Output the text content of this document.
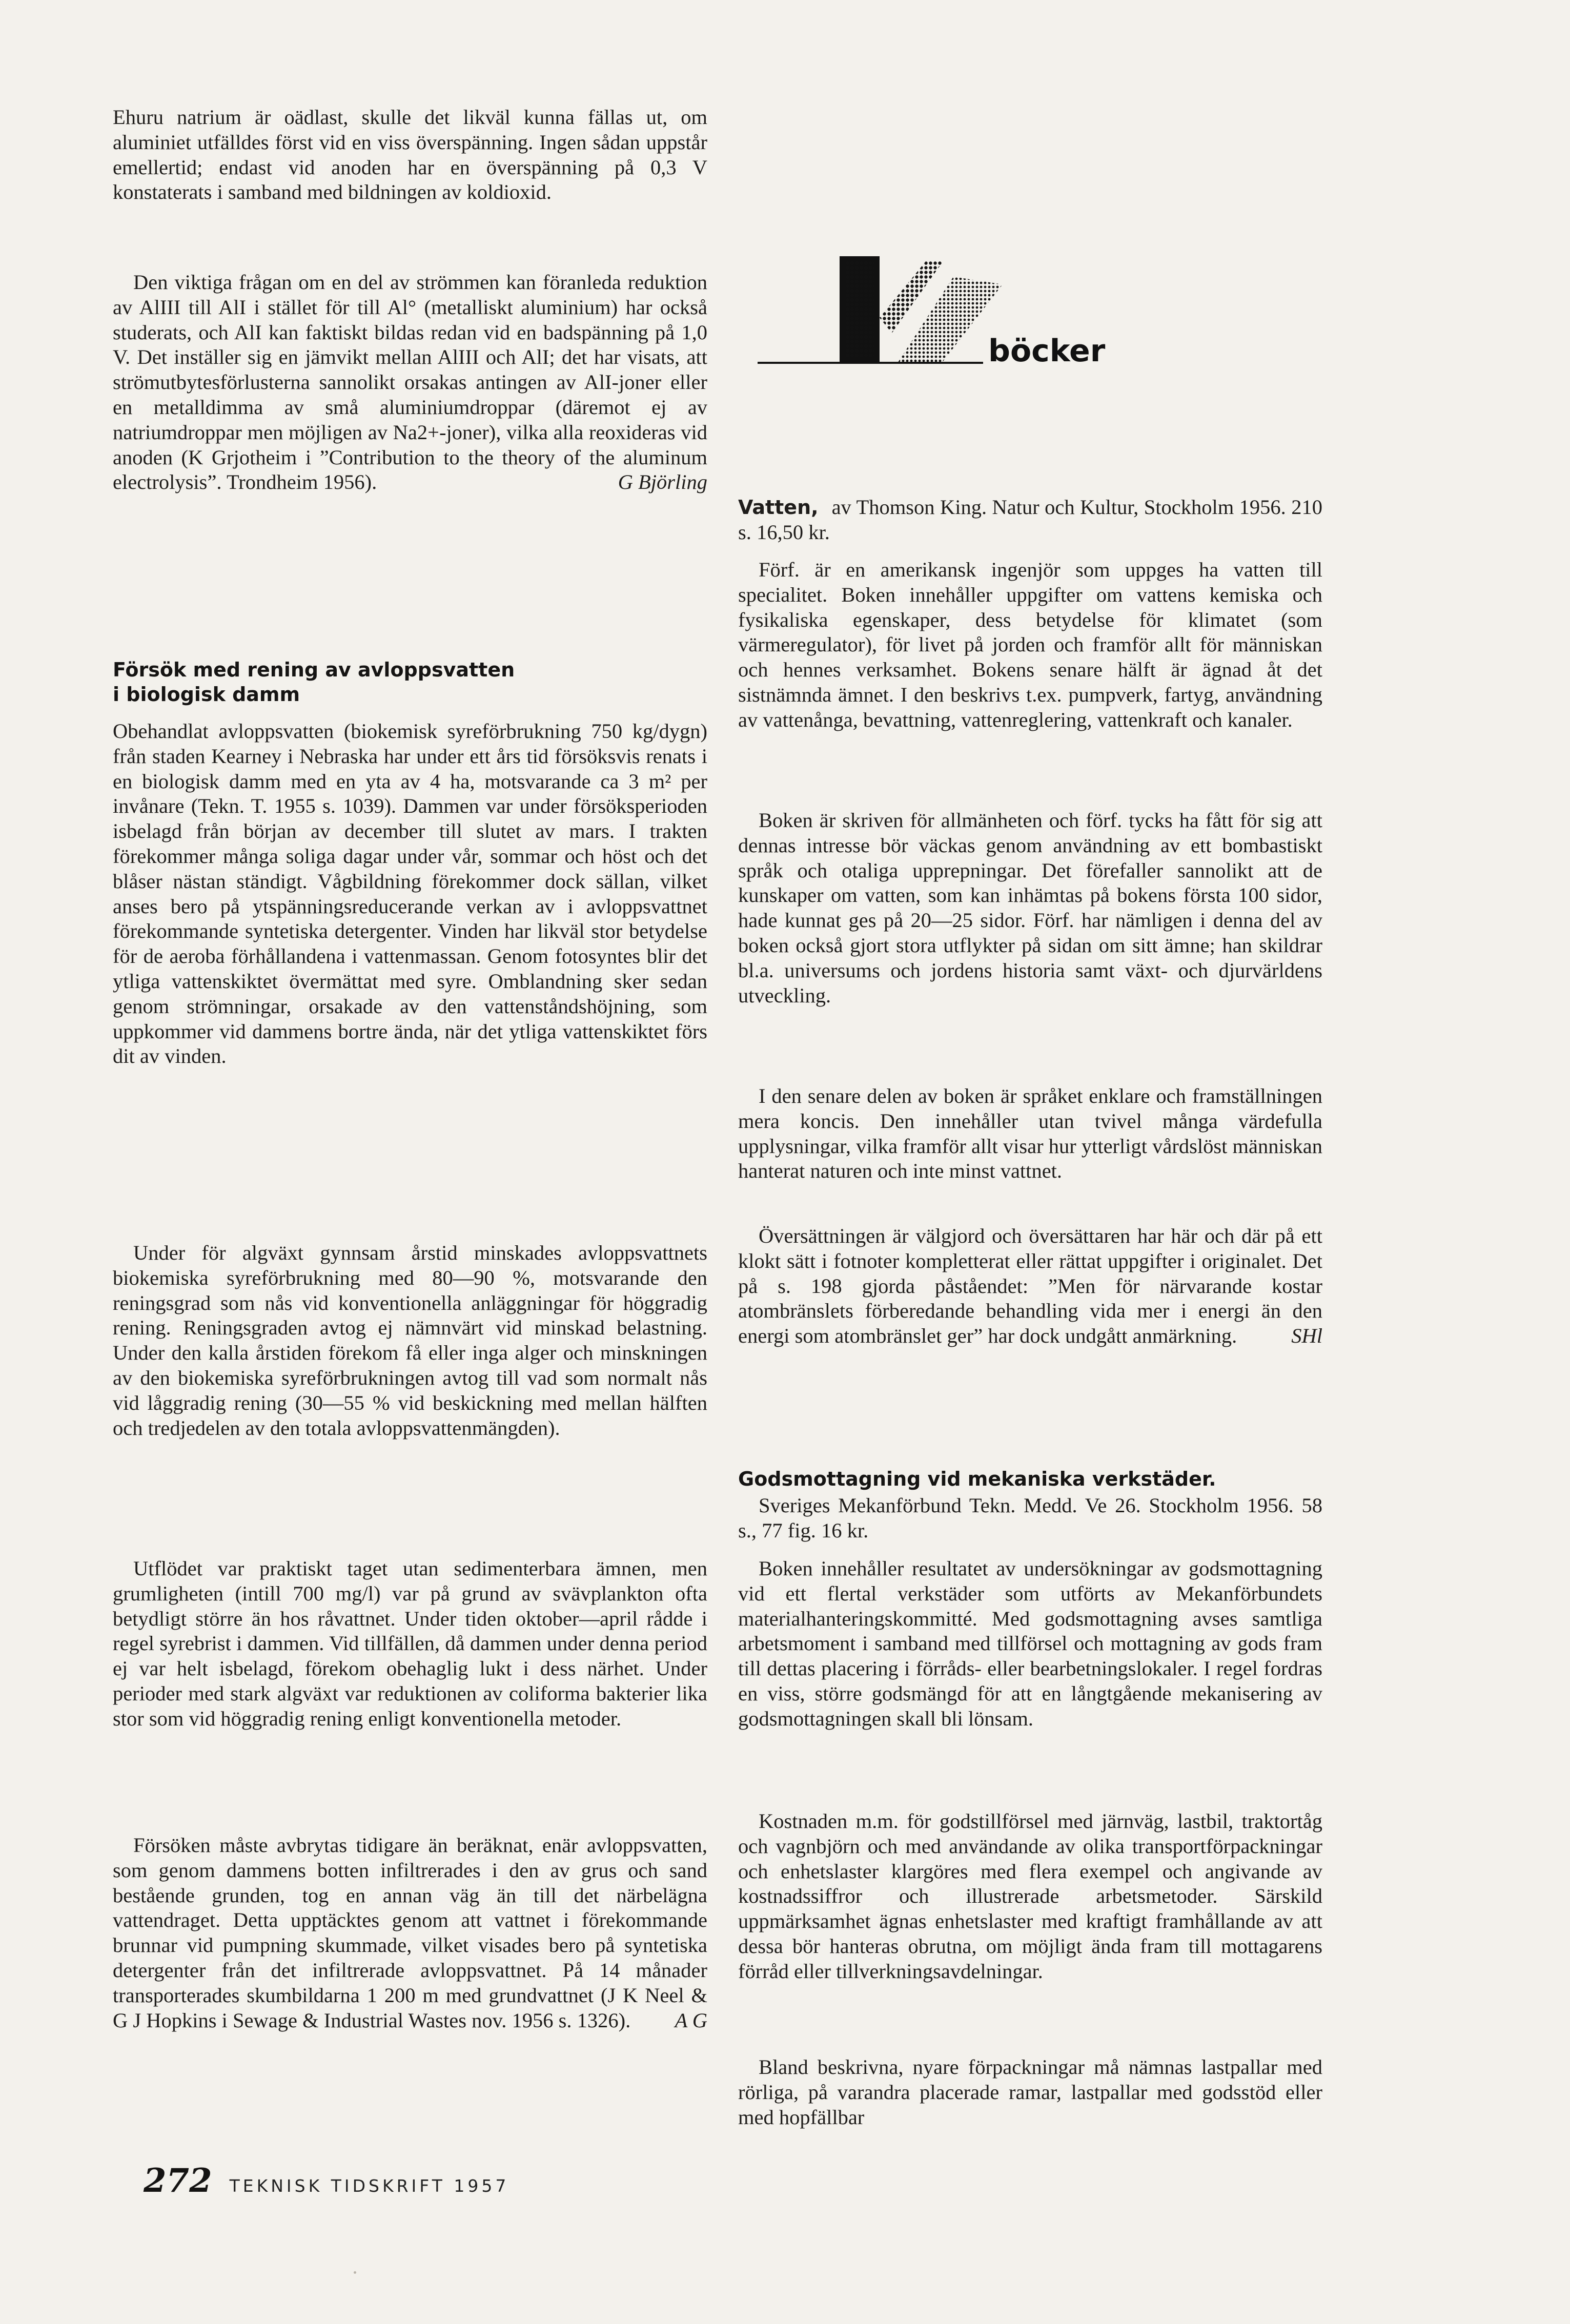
Ehuru natrium är oädlast, skulle det likväl kunna fällas ut, om aluminiet utfälldes först vid en viss överspänning. Ingen sådan uppstår emellertid; endast vid anoden har en överspänning på 0,3 V konstaterats i samband med bildningen av koldioxid.

Den viktiga frågan om en del av strömmen kan föranleda reduktion av AlIII till AlI i stället för till Al° (metalliskt aluminium) har också studerats, och AlI kan faktiskt bildas redan vid en badspänning på 1,0 V. Det inställer sig en jämvikt mellan AlIII och AlI; det har visats, att strömutbytesförlusterna sannolikt orsakas antingen av AlI-joner eller en metalldimma av små aluminiumdroppar (däremot ej av natriumdroppar men möjligen av Na2+-joner), vilka alla reoxideras vid anoden (K Grjotheim i ”Contribution to the theory of the aluminum electrolysis”. Trondheim 1956).	G Björling

Försök med rening av avloppsvatten
i biologisk damm

Obehandlat avloppsvatten (biokemisk syreförbrukning 750 kg/dygn) från staden Kearney i Nebraska har under ett års tid försöksvis renats i en biologisk damm med en yta av 4 ha, motsvarande ca 3 m² per invånare (Tekn. T. 1955 s. 1039). Dammen var under försöksperioden isbelagd från början av december till slutet av mars. I trakten förekommer många soliga dagar under vår, sommar och höst och det blåser nästan ständigt. Vågbildning förekommer dock sällan, vilket anses bero på ytspänningsreducerande verkan av i avloppsvattnet förekommande syntetiska detergenter. Vinden har likväl stor betydelse för de aeroba förhållandena i vattenmassan. Genom fotosyntes blir det ytliga vattenskiktet övermättat med syre. Omblandning sker sedan genom strömningar, orsakade av den vattenståndshöjning, som uppkommer vid dammens bortre ända, när det ytliga vattenskiktet förs dit av vinden.

Under för algväxt gynnsam årstid minskades avloppsvattnets biokemiska syreförbrukning med 80—90 %, motsvarande den reningsgrad som nås vid konventionella anläggningar för höggradig rening. Reningsgraden avtog ej nämnvärt vid minskad belastning. Under den kalla årstiden förekom få eller inga alger och minskningen av den biokemiska syreförbrukningen avtog till vad som normalt nås vid låggradig rening (30—55 % vid beskickning med mellan hälften och tredjedelen av den totala avloppsvattenmängden).

Utflödet var praktiskt taget utan sedimenterbara ämnen, men grumligheten (intill 700 mg/l) var på grund av svävplankton ofta betydligt större än hos råvattnet. Under tiden oktober—april rådde i regel syrebrist i dammen. Vid tillfällen, då dammen under denna period ej var helt isbelagd, förekom obehaglig lukt i dess närhet. Under perioder med stark algväxt var reduktionen av coliforma bakterier lika stor som vid höggradig rening enligt konventionella metoder.

Försöken måste avbrytas tidigare än beräknat, enär avloppsvatten, som genom dammens botten infiltrerades i den av grus och sand bestående grunden, tog en annan väg än till det närbelägna vattendraget. Detta upptäcktes genom att vattnet i förekommande brunnar vid pumpning skummade, vilket visades bero på syntetiska detergenter från det infiltrerade avloppsvattnet. På 14 månader transporterades skumbildarna 1 200 m med grundvattnet (J K Neel & G J Hopkins i Sewage & Industrial Wastes nov. 1956 s. 1326).	A G

böcker

Vatten, av Thomson King. Natur och Kultur, Stockholm 1956. 210 s. 16,50 kr.

Förf. är en amerikansk ingenjör som uppges ha vatten till specialitet. Boken innehåller uppgifter om vattens kemiska och fysikaliska egenskaper, dess betydelse för klimatet (som värmeregulator), för livet på jorden och framför allt för människan och hennes verksamhet. Bokens senare hälft är ägnad åt det sistnämnda ämnet. I den beskrivs t.ex. pumpverk, fartyg, användning av vattenånga, bevattning, vattenreglering, vattenkraft och kanaler.

Boken är skriven för allmänheten och förf. tycks ha fått för sig att dennas intresse bör väckas genom användning av ett bombastiskt språk och otaliga upprepningar. Det förefaller sannolikt att de kunskaper om vatten, som kan inhämtas på bokens första 100 sidor, hade kunnat ges på 20—25 sidor. Förf. har nämligen i denna del av boken också gjort stora utflykter på sidan om sitt ämne; han skildrar bl.a. universums och jordens historia samt växt- och djurvärldens utveckling.

I den senare delen av boken är språket enklare och framställningen mera koncis. Den innehåller utan tvivel många värdefulla upplysningar, vilka framför allt visar hur ytterligt vårdslöst människan hanterat naturen och inte minst vattnet.

Översättningen är välgjord och översättaren har här och där på ett klokt sätt i fotnoter kompletterat eller rättat uppgifter i originalet. Det på s. 198 gjorda påståendet: ”Men för närvarande kostar atombränslets förberedande behandling vida mer i energi än den energi som atombränslet ger” har dock undgått anmärkning.	SHl

Godsmottagning vid mekaniska verkstäder.

Sveriges Mekanförbund Tekn. Medd. Ve 26. Stockholm 1956. 58 s., 77 fig. 16 kr.

Boken innehåller resultatet av undersökningar av godsmottagning vid ett flertal verkstäder som utförts av Mekanförbundets materialhanteringskommitté. Med godsmottagning avses samtliga arbetsmoment i samband med tillförsel och mottagning av gods fram till dettas placering i förråds- eller bearbetningslokaler. I regel fordras en viss, större godsmängd för att en långtgående mekanisering av godsmottagningen skall bli lönsam.

Kostnaden m.m. för godstillförsel med järnväg, lastbil, traktortåg och vagnbjörn och med användande av olika transportförpackningar och enhetslaster klargöres med flera exempel och angivande av kostnadssiffror och illustrerade arbetsmetoder. Särskild uppmärksamhet ägnas enhetslaster med kraftigt framhållande av att dessa bör hanteras obrutna, om möjligt ända fram till mottagarens förråd eller tillverkningsavdelningar.

Bland beskrivna, nyare förpackningar må nämnas lastpallar med rörliga, på varandra placerade ramar, lastpallar med godsstöd eller med hopfällbar

272 TEKNISK TIDSKRIFT 1957
